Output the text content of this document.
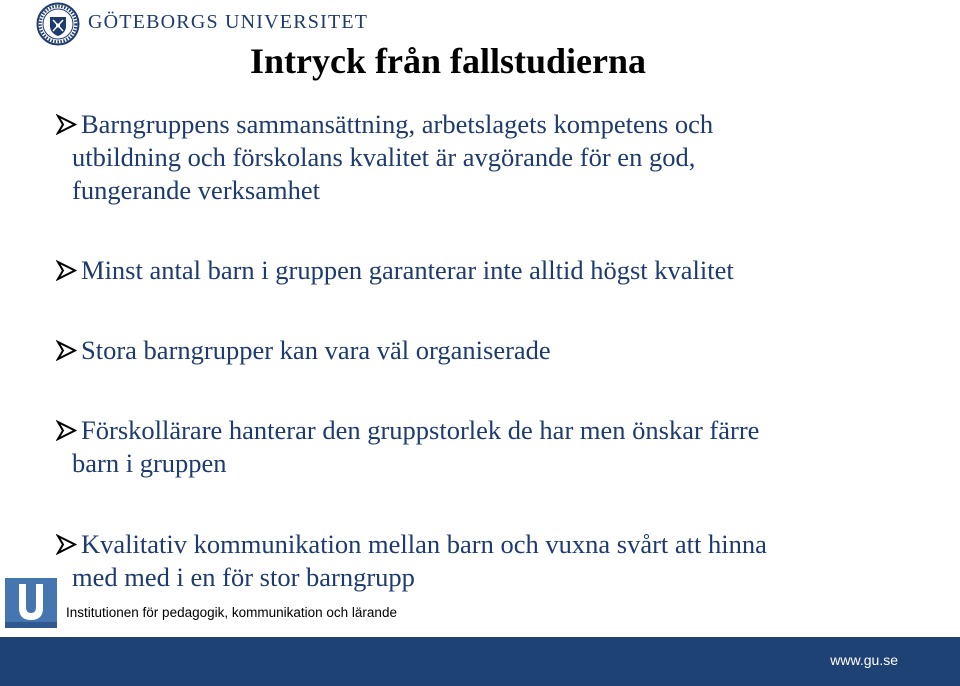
GÖTEBORGS UNIVERSITET
Intryck från fallstudierna
Barngruppens sammansättning, arbetslagets kompetens och
utbildning och förskolans kvalitet är avgörande för en god,
fungerande verksamhet
Minst antal barn i gruppen garanterar inte alltid högst kvalitet
Stora barngrupper kan vara väl organiserade
Förskollärare hanterar den gruppstorlek de har men önskar färre
barn i gruppen
Kvalitativ kommunikation mellan barn och vuxna svårt att hinna
med med i en för stor barngrupp
Institutionen för pedagogik, kommunikation och lärande
www.gu.se
